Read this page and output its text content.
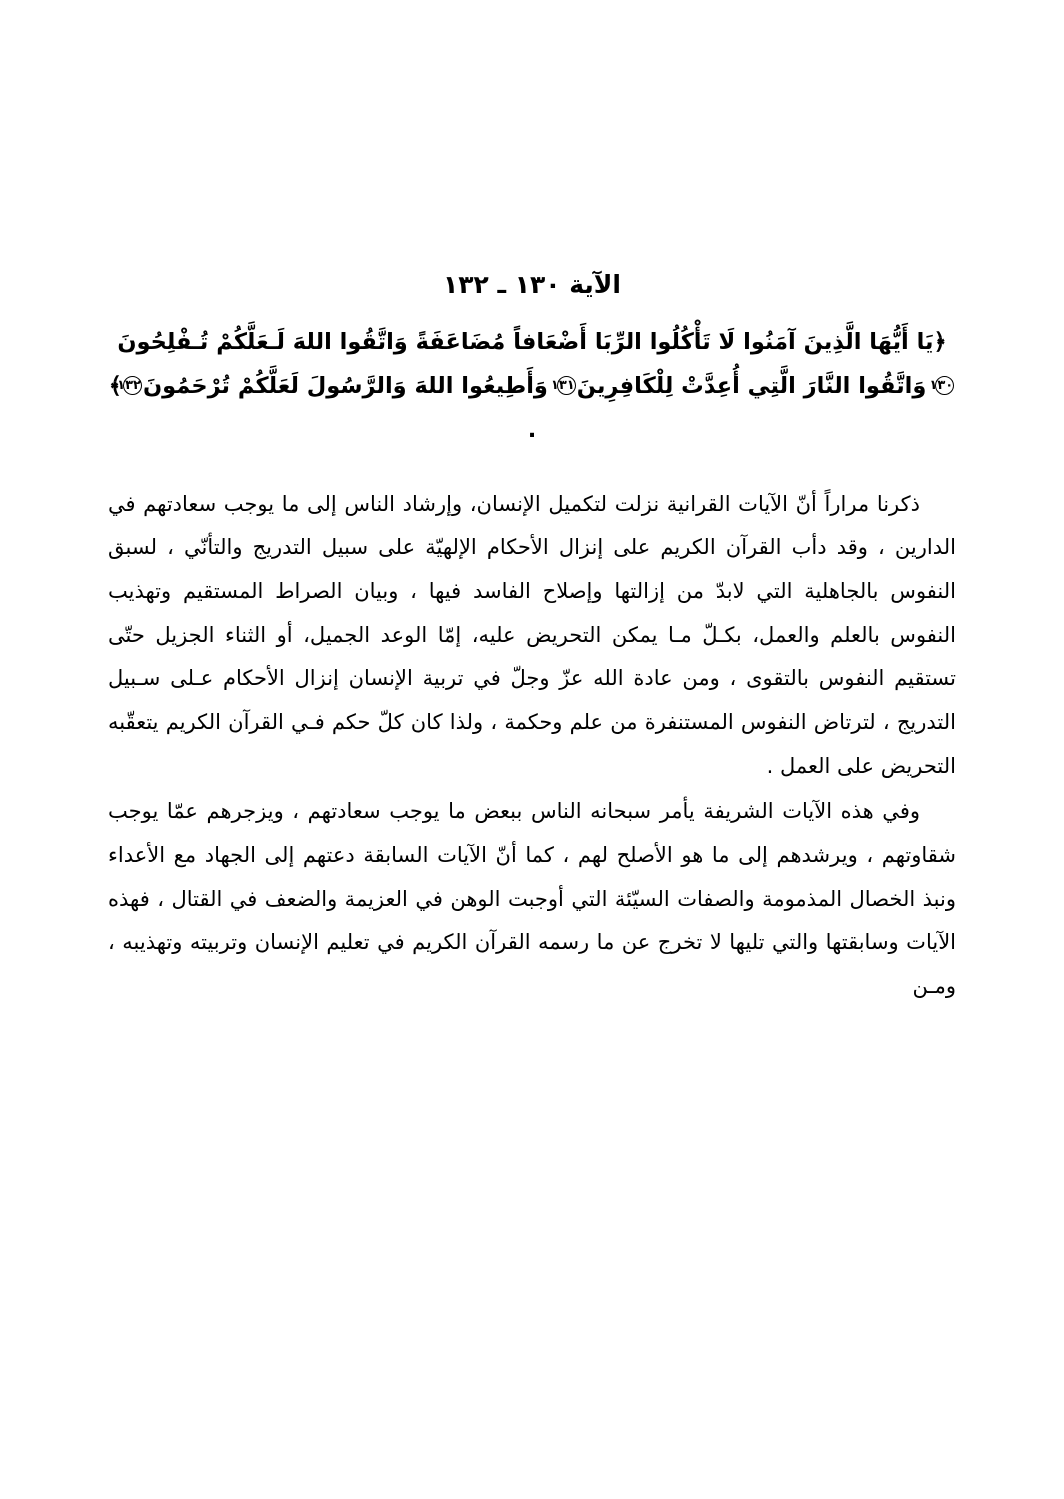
الآية ١٣٠ ـ ١٣٢
﴿يَا أَيُّهَا الَّذِينَ آمَنُوا لَا تَأْكُلُوا الرِّبَا أَضْعَافاً مُضَاعَفَةً وَاتَّقُوا اللهَ لَـعَلَّكُمْ تُـفْلِحُونَ١٣٠ وَاتَّقُوا النَّارَ الَّتِي أُعِدَّتْ لِلْكَافِرِينَ١٣١ وَأَطِيعُوا اللهَ وَالرَّسُولَ لَعَلَّكُمْ تُرْحَمُونَ١٣٢﴾ .

ذكرنا مراراً أنّ الآيات القرانية نزلت لتكميل الإنسان، وإرشاد الناس إلى ما يوجب سعادتهم في الدارين ، وقد دأب القرآن الكريم على إنزال الأحكام الإلهيّة على سبيل التدريج والتأنّي ، لسبق النفوس بالجاهلية التي لابدّ من إزالتها وإصلاح الفاسد فيها ، وبيان الصراط المستقيم وتهذيب النفوس بالعلم والعمل، بكـلّ مـا يمكن التحريض عليه، إمّا الوعد الجميل، أو الثناء الجزيل حتّى تستقيم النفوس بالتقوى ، ومن عادة الله عزّ وجلّ في تربية الإنسان إنزال الأحكام عـلى سـبيل التدريج ، لترتاض النفوس المستنفرة من علم وحكمة ، ولذا كان كلّ حكم فـي القرآن الكريم يتعقّبه التحريض على العمل .

وفي هذه الآيات الشريفة يأمر سبحانه الناس ببعض ما يوجب سعادتهم ، ويزجرهم عمّا يوجب شقاوتهم ، ويرشدهم إلى ما هو الأصلح لهم ، كما أنّ الآيات السابقة دعتهم إلى الجهاد مع الأعداء ونبذ الخصال المذمومة والصفات السيّئة التي أوجبت الوهن في العزيمة والضعف في القتال ، فهذه الآيات وسابقتها والتي تليها لا تخرج عن ما رسمه القرآن الكريم في تعليم الإنسان وتربيته وتهذيبه ، ومـن
